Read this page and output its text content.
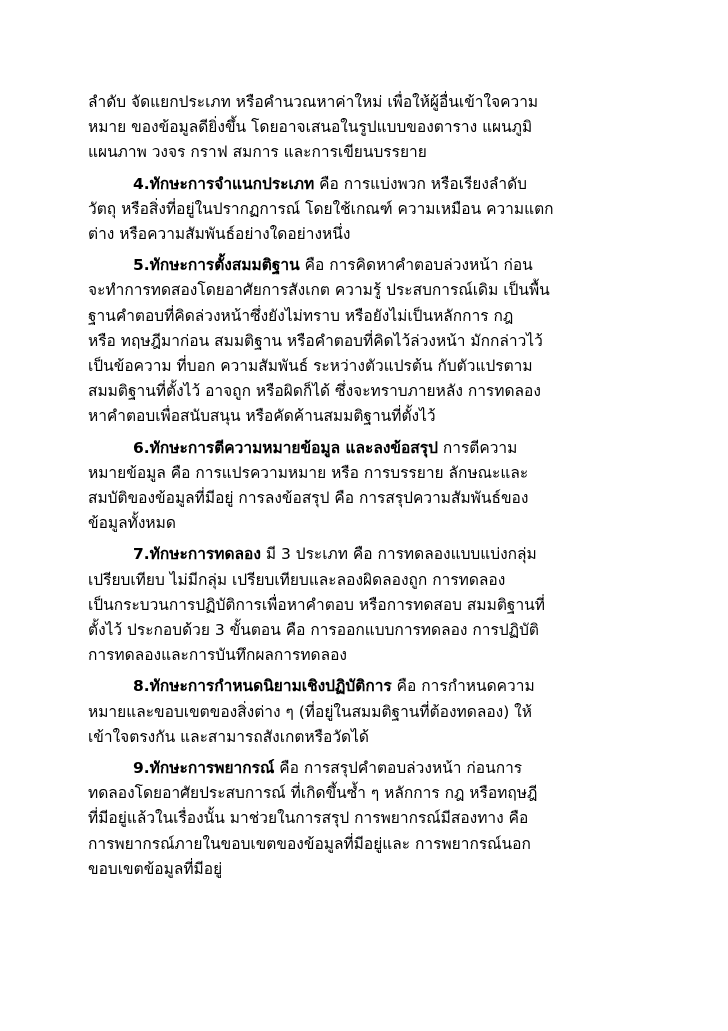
ลำดับ จัดแยกประเภท หรือคำนวณหาค่าใหม่ เพื่อให้ผู้อื่นเข้าใจความ
หมาย ของข้อมูลดียิ่งขึ้น โดยอาจเสนอในรูปแบบของตาราง แผนภูมิ
แผนภาพ วงจร กราฟ สมการ และการเขียนบรรยาย

4.ทักษะการจำแนกประเภท คือ การแบ่งพวก หรือเรียงลำดับ
วัตถุ หรือสิ่งที่อยู่ในปรากฏการณ์ โดยใช้เกณฑ์ ความเหมือน ความแตก
ต่าง หรือความสัมพันธ์อย่างใดอย่างหนึ่ง

5.ทักษะการตั้งสมมติฐาน คือ การคิดหาคำตอบล่วงหน้า ก่อน
จะทำการทดสองโดยอาศัยการสังเกต ความรู้ ประสบการณ์เดิม เป็นพื้น
ฐานคำตอบที่คิดล่วงหน้าซึ่งยังไม่ทราบ หรือยังไม่เป็นหลักการ กฎ
หรือ ทฤษฎีมาก่อน สมมติฐาน หรือคำตอบที่คิดไว้ล่วงหน้า มักกล่าวไว้
เป็นข้อความ ที่บอก ความสัมพันธ์ ระหว่างตัวแปรต้น กับตัวแปรตาม
สมมติฐานที่ตั้งไว้ อาจถูก หรือผิดก็ได้ ซึ่งจะทราบภายหลัง การทดลอง
หาคำตอบเพื่อสนับสนุน หรือคัดค้านสมมติฐานที่ตั้งไว้

6.ทักษะการตีความหมายข้อมูล และลงข้อสรุป การตีความ
หมายข้อมูล คือ การแปรความหมาย หรือ การบรรยาย ลักษณะและ
สมบัติของข้อมูลที่มีอยู่ การลงข้อสรุป คือ การสรุปความสัมพันธ์ของ
ข้อมูลทั้งหมด

7.ทักษะการทดลอง มี 3 ประเภท คือ การทดลองแบบแบ่งกลุ่ม
เปรียบเทียบ ไม่มีกลุ่ม เปรียบเทียบและลองผิดลองถูก การทดลอง
เป็นกระบวนการปฏิบัติการเพื่อหาคำตอบ หรือการทดสอบ สมมติฐานที่
ตั้งไว้ ประกอบด้วย 3 ขั้นตอน คือ การออกแบบการทดลอง การปฏิบัติ
การทดลองและการบันทึกผลการทดลอง

8.ทักษะการกำหนดนิยามเชิงปฏิบัติการ คือ การกำหนดความ
หมายและขอบเขตของสิ่งต่าง ๆ (ที่อยู่ในสมมติฐานที่ต้องทดลอง) ให้
เข้าใจตรงกัน และสามารถสังเกตหรือวัดได้

9.ทักษะการพยากรณ์ คือ การสรุปคำตอบล่วงหน้า ก่อนการ
ทดลองโดยอาศัยประสบการณ์ ที่เกิดขึ้นซ้ำ ๆ หลักการ กฎ หรือทฤษฎี
ที่มีอยู่แล้วในเรื่องนั้น มาช่วยในการสรุป การพยากรณ์มีสองทาง คือ
การพยากรณ์ภายในขอบเขตของข้อมูลที่มีอยู่และ การพยากรณ์นอก
ขอบเขตข้อมูลที่มีอยู่
